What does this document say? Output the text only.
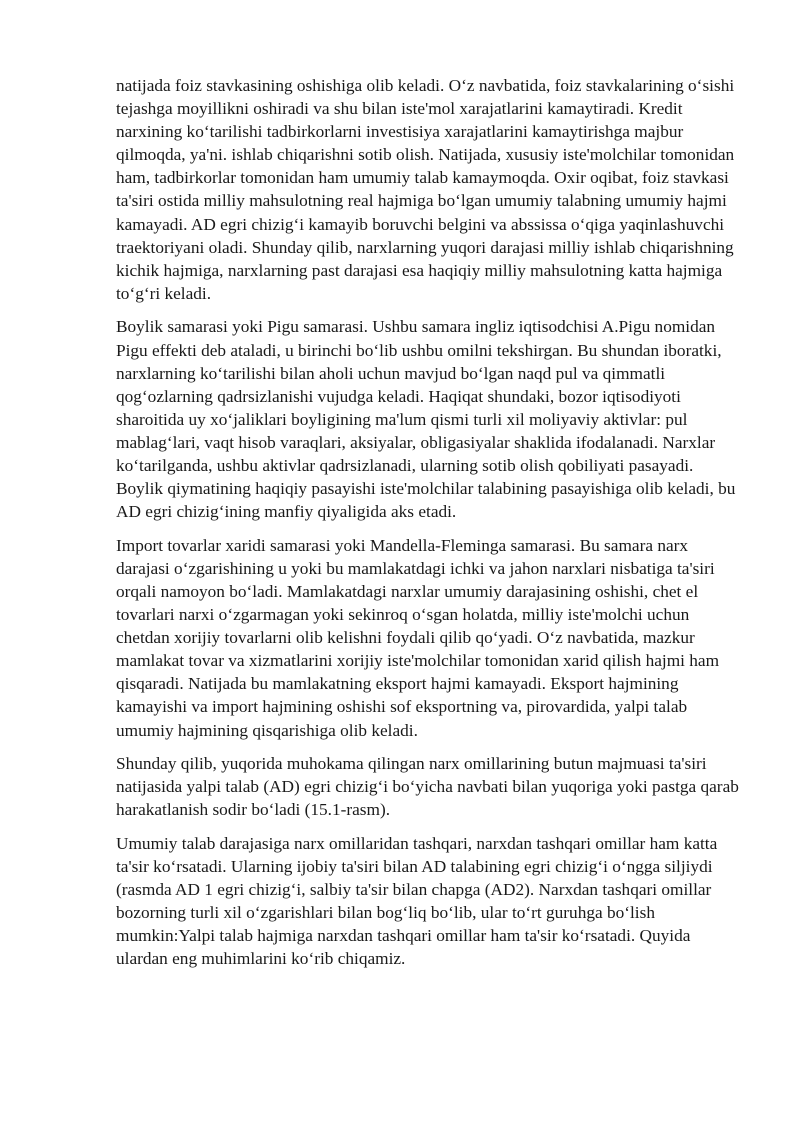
natijada foiz stavkasining oshishiga olib keladi. O‘z navbatida, foiz stavkalarining o‘sishi tejashga moyillikni oshiradi va shu bilan iste'mol xarajatlarini kamaytiradi. Kredit narxining ko‘tarilishi tadbirkorlarni investisiya xarajatlarini kamaytirishga majbur qilmoqda, ya'ni. ishlab chiqarishni sotib olish. Natijada, xususiy iste'molchilar tomonidan ham, tadbirkorlar tomonidan ham umumiy talab kamaymoqda. Oxir oqibat, foiz stavkasi ta'siri ostida milliy mahsulotning real hajmiga bo‘lgan umumiy talabning umumiy hajmi kamayadi. AD egri chizig‘i kamayib boruvchi belgini va abssissa o‘qiga yaqinlashuvchi traektoriyani oladi. Shunday qilib, narxlarning yuqori darajasi milliy ishlab chiqarishning kichik hajmiga, narxlarning past darajasi esa haqiqiy milliy mahsulotning katta hajmiga to‘g‘ri keladi.

Boylik samarasi yoki Pigu samarasi. Ushbu samara ingliz iqtisodchisi A.Pigu nomidan Pigu effekti deb ataladi, u birinchi bo‘lib ushbu omilni tekshirgan. Bu shundan iboratki, narxlarning ko‘tarilishi bilan aholi uchun mavjud bo‘lgan naqd pul va qimmatli qog‘ozlarning qadrsizlanishi vujudga keladi. Haqiqat shundaki, bozor iqtisodiyoti sharoitida uy xo‘jaliklari boyligining ma'lum qismi turli xil moliyaviy aktivlar: pul mablag‘lari, vaqt hisob varaqlari, aksiyalar, obligasiyalar shaklida ifodalanadi. Narxlar ko‘tarilganda, ushbu aktivlar qadrsizlanadi, ularning sotib olish qobiliyati pasayadi. Boylik qiymatining haqiqiy pasayishi iste'molchilar talabining pasayishiga olib keladi, bu AD egri chizig‘ining manfiy qiyaligida aks etadi.

Import tovarlar xaridi samarasi yoki Mandella-Fleminga samarasi. Bu samara narx darajasi o‘zgarishining u yoki bu mamlakatdagi ichki va jahon narxlari nisbatiga ta'siri orqali namoyon bo‘ladi. Mamlakatdagi narxlar umumiy darajasining oshishi, chet el tovarlari narxi o‘zgarmagan yoki sekinroq o‘sgan holatda, milliy iste'molchi uchun chetdan xorijiy tovarlarni olib kelishni foydali qilib qo‘yadi. O‘z navbatida, mazkur mamlakat tovar va xizmatlarini xorijiy iste'molchilar tomonidan xarid qilish hajmi ham qisqaradi. Natijada bu mamlakatning eksport hajmi kamayadi. Eksport hajmining kamayishi va import hajmining oshishi sof eksportning va, pirovardida, yalpi talab umumiy hajmining qisqarishiga olib keladi.

Shunday qilib, yuqorida muhokama qilingan narx omillarining butun majmuasi ta'siri natijasida yalpi talab (AD) egri chizig‘i bo‘yicha navbati bilan yuqoriga yoki pastga qarab harakatlanish sodir bo‘ladi (15.1-rasm).

Umumiy talab darajasiga narx omillaridan tashqari, narxdan tashqari omillar ham katta ta'sir ko‘rsatadi. Ularning ijobiy ta'siri bilan AD talabining egri chizig‘i o‘ngga siljiydi (rasmda AD 1 egri chizig‘i, salbiy ta'sir bilan chapga (AD2). Narxdan tashqari omillar bozorning turli xil o‘zgarishlari bilan bog‘liq bo‘lib, ular to‘rt guruhga bo‘lish mumkin:Yalpi talab hajmiga narxdan tashqari omillar ham ta'sir ko‘rsatadi. Quyida ulardan eng muhimlarini ko‘rib chiqamiz.
